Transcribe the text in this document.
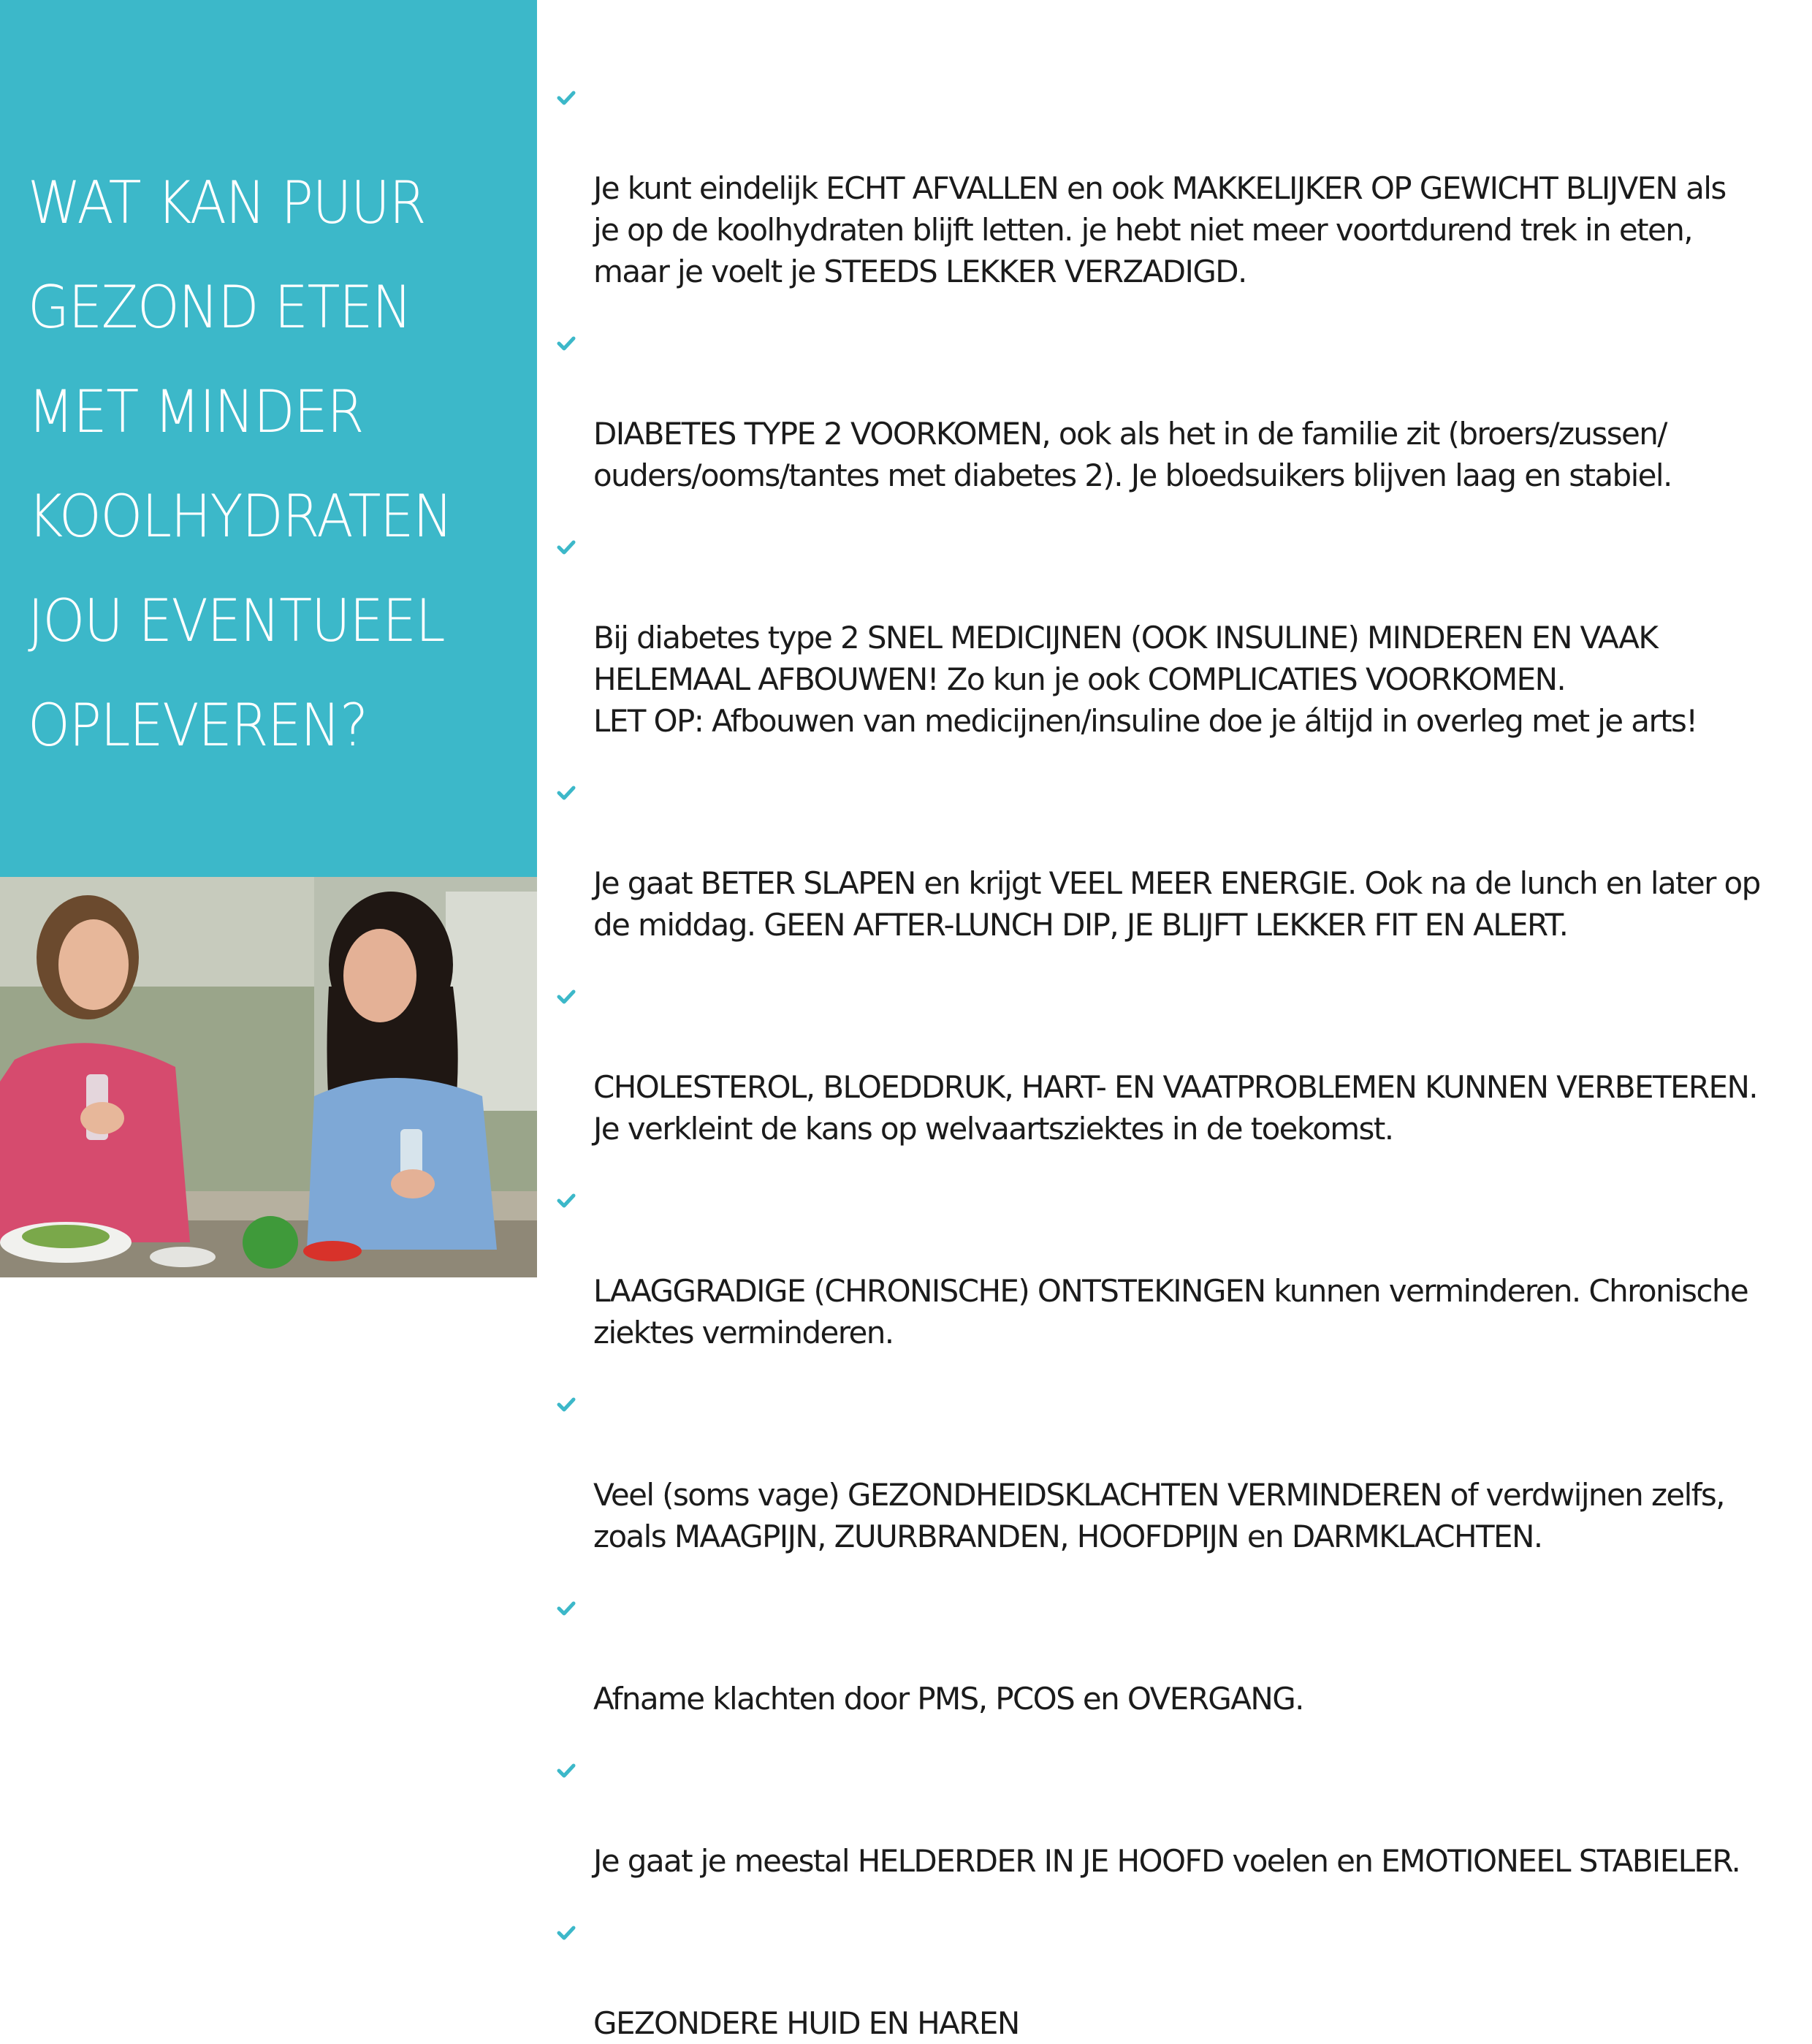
WAT KAN PUUR
GEZOND ETEN
MET MINDER
KOOLHYDRATEN
JOU EVENTUEEL
OPLEVEREN?

Je kunt eindelijk ECHT AFVALLEN en ook MAKKELIJKER OP GEWICHT BLIJVEN als
je op de koolhydraten blijft letten. je hebt niet meer voortdurend trek in eten,
maar je voelt je STEEDS LEKKER VERZADIGD.

DIABETES TYPE 2 VOORKOMEN, ook als het in de familie zit (broers/zussen/
ouders/ooms/tantes met diabetes 2). Je bloedsuikers blijven laag en stabiel.

Bij diabetes type 2 SNEL MEDICIJNEN (OOK INSULINE) MINDEREN EN VAAK
HELEMAAL AFBOUWEN! Zo kun je ook COMPLICATIES VOORKOMEN.
LET OP: Afbouwen van medicijnen/insuline doe je áltijd in overleg met je arts!

Je gaat BETER SLAPEN en krijgt VEEL MEER ENERGIE. Ook na de lunch en later op
de middag. GEEN AFTER-LUNCH DIP, JE BLIJFT LEKKER FIT EN ALERT.

CHOLESTEROL, BLOEDDRUK, HART- EN VAATPROBLEMEN KUNNEN VERBETEREN.
Je verkleint de kans op welvaartsziektes in de toekomst.

LAAGGRADIGE (CHRONISCHE) ONTSTEKINGEN kunnen verminderen. Chronische
ziektes verminderen.

Veel (soms vage) GEZONDHEIDSKLACHTEN VERMINDEREN of verdwijnen zelfs,
zoals MAAGPIJN, ZUURBRANDEN, HOOFDPIJN en DARMKLACHTEN.

Afname klachten door PMS, PCOS en OVERGANG.

Je gaat je meestal HELDERDER IN JE HOOFD voelen en EMOTIONEEL STABIELER.

GEZONDERE HUID EN HAREN
